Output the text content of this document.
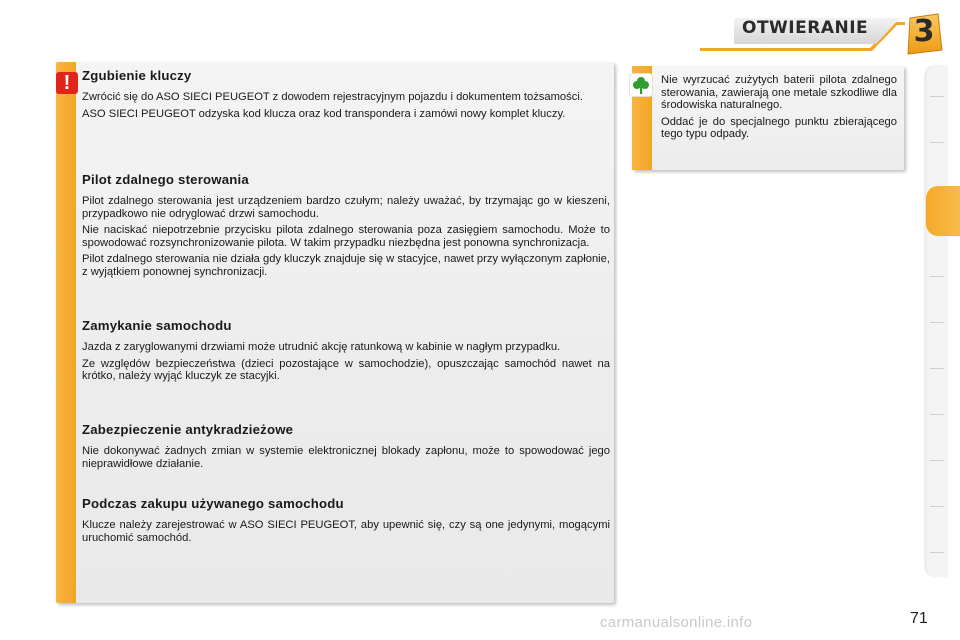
OTWIERANIE	3
! Zgubienie kluczy

Zwrócić się do ASO SIECI PEUGEOT z dowodem rejestracyjnym pojazdu i dokumentem tożsamości.

ASO SIECI PEUGEOT odzyska kod klucza oraz kod transpondera i zamówi nowy komplet kluczy.

Pilot zdalnego sterowania

Pilot zdalnego sterowania jest urządzeniem bardzo czułym; należy uważać, by trzymając go w kieszeni, przypadkowo nie odryglować drzwi samochodu.

Nie naciskać niepotrzebnie przycisku pilota zdalnego sterowania poza zasięgiem samochodu. Może to spowodować rozsynchronizowanie pilota. W takim przypadku niezbędna jest ponowna synchronizacja.

Pilot zdalnego sterowania nie działa gdy kluczyk znajduje się w stacyjce, nawet przy wyłączonym zapłonie, z wyjątkiem ponownej synchronizacji.

Zamykanie samochodu

Jazda z zaryglowanymi drzwiami może utrudnić akcję ratunkową w kabinie w nagłym przypadku.

Ze względów bezpieczeństwa (dzieci pozostające w samochodzie), opuszczając samochód nawet na krótko, należy wyjąć kluczyk ze stacyjki.

Zabezpieczenie antykradzieżowe

Nie dokonywać żadnych zmian w systemie elektronicznej blokady zapłonu, może to spowodować jego nieprawidłowe działanie.

Podczas zakupu używanego samochodu

Klucze należy zarejestrować w ASO SIECI PEUGEOT, aby upewnić się, czy są one jedynymi, mogącymi uruchomić samochód.

Nie wyrzucać zużytych baterii pilota zdalnego sterowania, zawierają one metale szkodliwe dla środowiska naturalnego.

Oddać je do specjalnego punktu zbierającego tego typu odpady.

carmanualsonline.info	71
